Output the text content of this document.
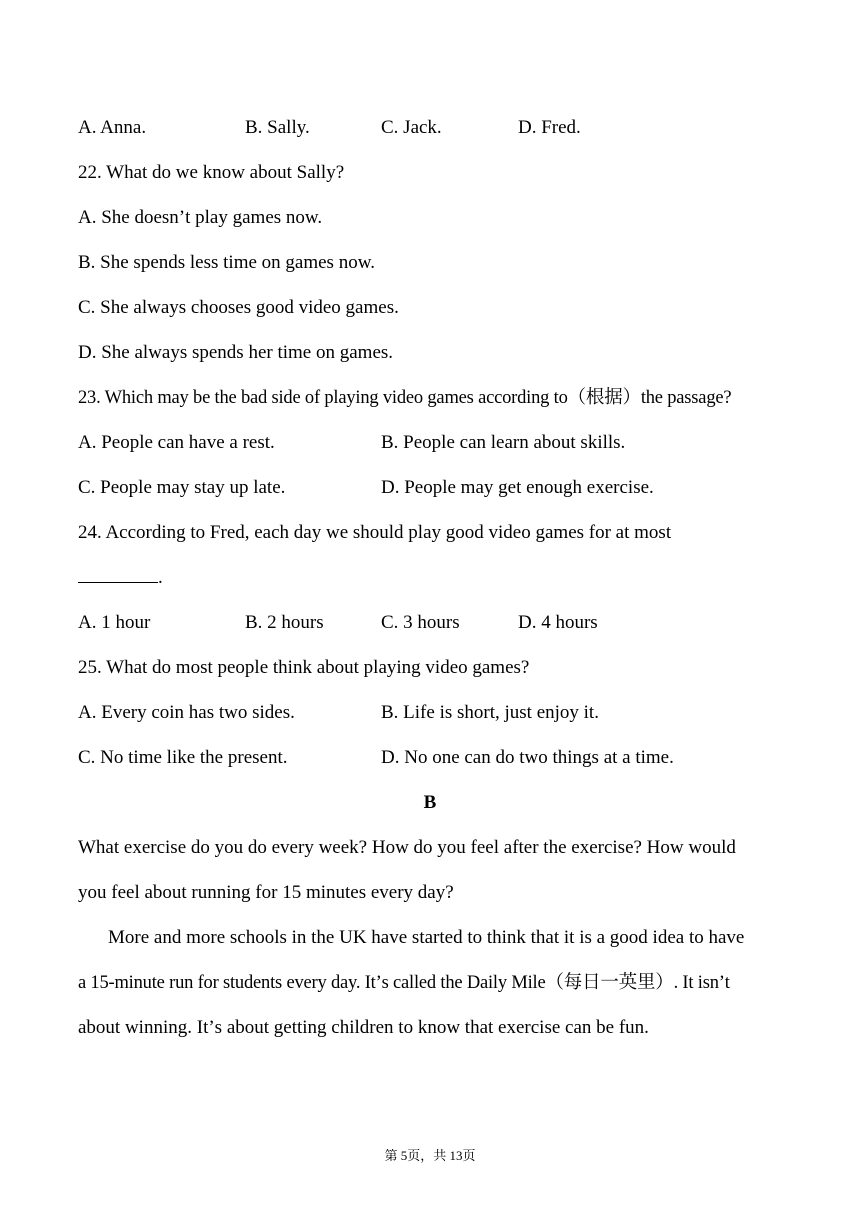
A. Anna.	B. Sally.	C. Jack.	D. Fred.
22. What do we know about Sally?
A. She doesnʼt play games now.
B. She spends less time on games now.
C. She always chooses good video games.
D. She always spends her time on games.
23. Which may be the bad side of playing video games according to（根据）the passage?
A. People can have a rest.	B. People can learn about skills.
C. People may stay up late.	D. People may get enough exercise.
24. According to Fred, each day we should play good video games for at most
.
A. 1 hour	B. 2 hours	C. 3 hours	D. 4 hours
25. What do most people think about playing video games?
A. Every coin has two sides.	B. Life is short, just enjoy it.
C. No time like the present.	D. No one can do two things at a time.
B
What exercise do you do every week? How do you feel after the exercise? How would
you feel about running for 15 minutes every day?
More and more schools in the UK have started to think that it is a good idea to have
a 15-minute run for students every day. Itʼs called the Daily Mile（每日一英里）. It isnʼt
about winning. Itʼs about getting children to know that exercise can be fun.
第 5页，共 13页
